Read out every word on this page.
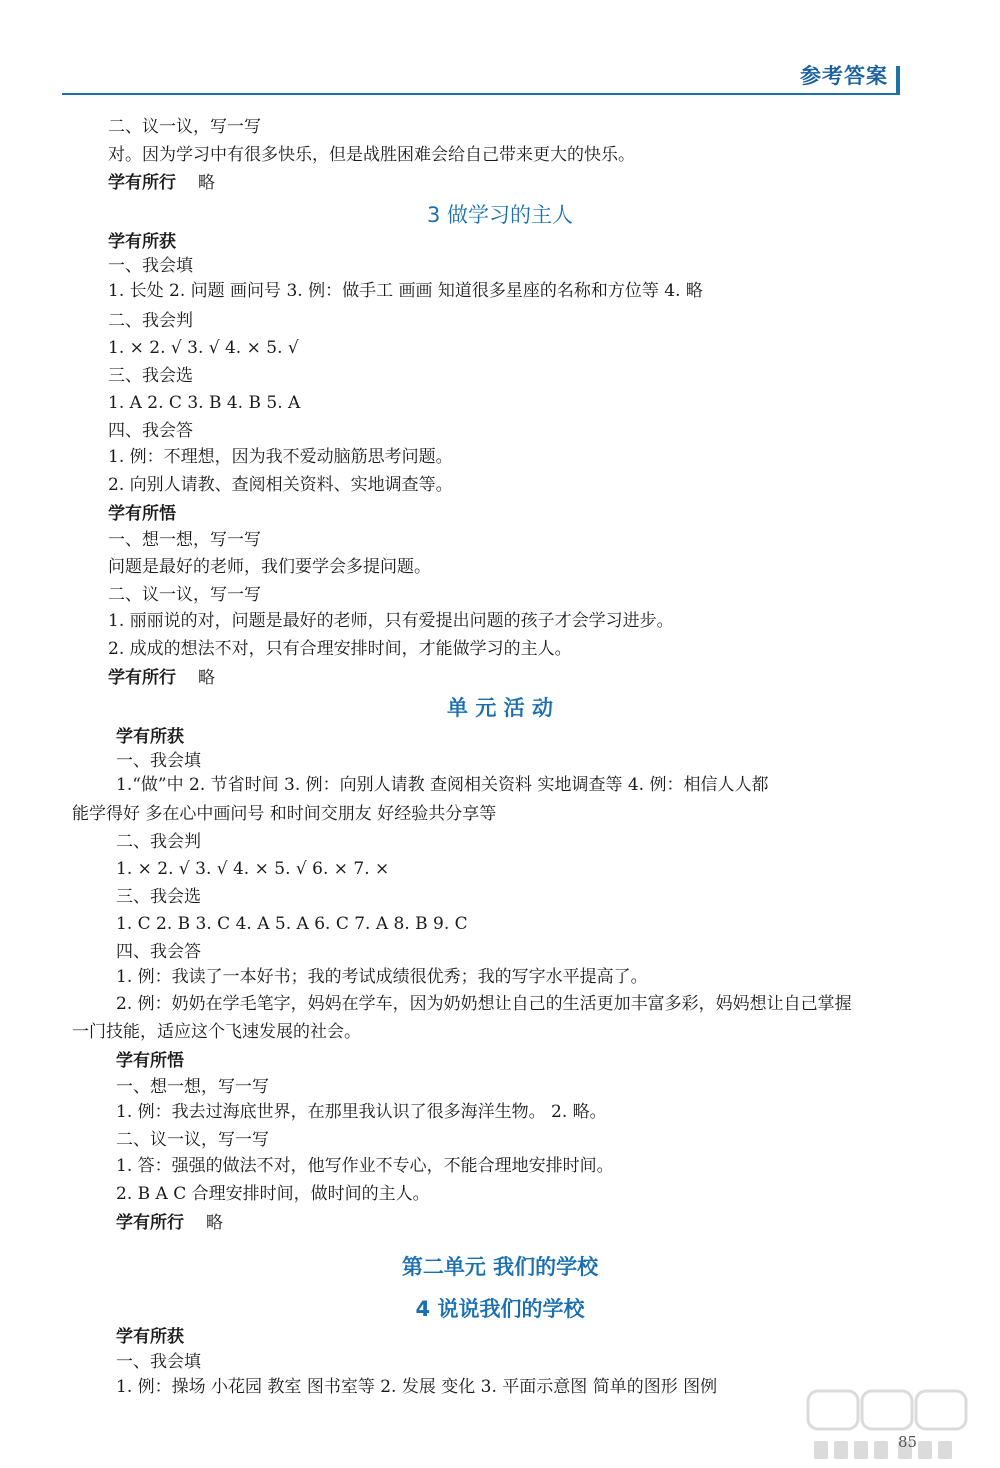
参考答案
二、议一议，写一写
对。因为学习中有很多快乐，但是战胜困难会给自己带来更大的快乐。
学有所行 略
3 做学习的主人
学有所获
一、我会填
1. 长处 2. 问题 画问号 3. 例：做手工 画画 知道很多星座的名称和方位等 4. 略
二、我会判
1. × 2. √ 3. √ 4. × 5. √
三、我会选
1. A 2. C 3. B 4. B 5. A
四、我会答
1. 例：不理想，因为我不爱动脑筋思考问题。
2. 向别人请教、查阅相关资料、实地调查等。
学有所悟
一、想一想，写一写
问题是最好的老师，我们要学会多提问题。
二、议一议，写一写
1. 丽丽说的对，问题是最好的老师，只有爱提出问题的孩子才会学习进步。
2. 成成的想法不对，只有合理安排时间，才能做学习的主人。
学有所行 略
单 元 活 动
学有所获
一、我会填
1.“做”中 2. 节省时间 3. 例：向别人请教 查阅相关资料 实地调查等 4. 例：相信人人都
能学得好 多在心中画问号 和时间交朋友 好经验共分享等
二、我会判
1. × 2. √ 3. √ 4. × 5. √ 6. × 7. ×
三、我会选
1. C 2. B 3. C 4. A 5. A 6. C 7. A 8. B 9. C
四、我会答
1. 例：我读了一本好书；我的考试成绩很优秀；我的写字水平提高了。
2. 例：奶奶在学毛笔字，妈妈在学车，因为奶奶想让自己的生活更加丰富多彩，妈妈想让自己掌握
一门技能，适应这个飞速发展的社会。
学有所悟
一、想一想，写一写
1. 例：我去过海底世界，在那里我认识了很多海洋生物。 2. 略。
二、议一议，写一写
1. 答：强强的做法不对，他写作业不专心，不能合理地安排时间。
2. B A C 合理安排时间，做时间的主人。
学有所行 略
第二单元 我们的学校
4 说说我们的学校
学有所获
一、我会填
1. 例：操场 小花园 教室 图书室等 2. 发展 变化 3. 平面示意图 简单的图形 图例
85
